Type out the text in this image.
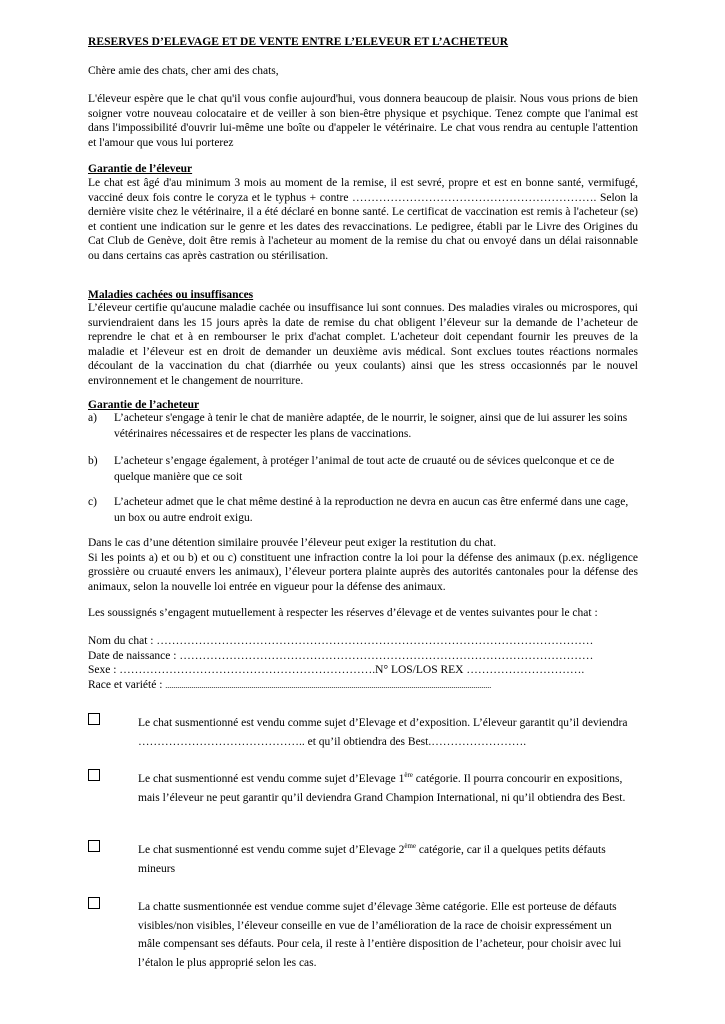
RESERVES D’ELEVAGE ET DE VENTE ENTRE L’ELEVEUR ET L’ACHETEUR
Chère amie des chats, cher ami des chats,
L'éleveur espère que le chat qu'il vous confie aujourd'hui, vous donnera beaucoup de plaisir. Nous vous prions de bien soigner votre nouveau colocataire et de veiller à son bien-être physique et psychique. Tenez compte que l'animal est dans l'impossibilité d'ouvrir lui-même une boîte ou d'appeler le vétérinaire. Le chat vous rendra au centuple l'attention et l'amour que vous lui porterez
Garantie de l’éleveur
Le chat est âgé d'au minimum 3 mois au moment de la remise, il est sevré, propre et est en bonne santé, vermifugé, vacciné deux fois contre le coryza et le typhus + contre ………………………………………………………. Selon la dernière visite chez le vétérinaire, il a été déclaré en bonne santé. Le certificat de vaccination est remis à l'acheteur (se) et contient une indication sur le genre et les dates des revaccinations. Le pedigree, établi par le Livre des Origines du Cat Club de Genève, doit être remis à l'acheteur au moment de la remise du chat ou envoyé dans un délai raisonnable ou dans certains cas après castration ou stérilisation.
Maladies cachées ou insuffisances
L’éleveur certifie qu'aucune maladie cachée ou insuffisance lui sont connues. Des maladies virales ou microspores, qui surviendraient dans les 15 jours après la date de remise du chat obligent l’éleveur sur la demande de l’acheteur de reprendre le chat et à en rembourser le prix d'achat complet. L'acheteur doit cependant fournir les preuves de la maladie et l’éleveur est en droit de demander un deuxième avis médical. Sont exclues toutes réactions normales découlant de la vaccination du chat (diarrhée ou yeux coulants) ainsi que les stress occasionnés par le nouvel environnement et le changement de nourriture.
Garantie de l’acheteur
a) L’acheteur s'engage à tenir le chat de manière adaptée, de le nourrir, le soigner, ainsi que de lui assurer les soins vétérinaires nécessaires et de respecter les plans de vaccinations.
b) L’acheteur s’engage également, à protéger l’animal de tout acte de cruauté ou de sévices quelconque et ce de quelque manière que ce soit
c) L’acheteur admet que le chat même destiné à la reproduction ne devra en aucun cas être enfermé dans une cage, un box ou autre endroit exigu.
Dans le cas d’une détention similaire prouvée l’éleveur peut exiger la restitution du chat.
Si les points a) et ou b) et ou c) constituent une infraction contre la loi pour la défense des animaux (p.ex. négligence grossière ou cruauté envers les animaux), l’éleveur portera plainte auprès des autorités cantonales pour la défense des animaux, selon la nouvelle loi entrée en vigueur pour la défense des animaux.
Les soussignés s’engagent mutuellement à respecter les réserves d’élevage et de ventes suivantes pour le chat :
Nom du chat : ……………………………………………………………………………………………………
Date de naissance : ………………………………………………………………………………………………
Sexe : ………………………………………………………….N° LOS/LOS REX ………………………….
Race et variété : ...................................................................................................................................................................
Le chat susmentionné est vendu comme sujet d’Elevage et d’exposition. L’éleveur garantit qu’il deviendra …………………………………….. et qu’il obtiendra des Best.…………………….
Le chat susmentionné est vendu comme sujet d’Elevage 1ère catégorie. Il pourra concourir en expositions, mais l’éleveur ne peut garantir qu’il deviendra Grand Champion International, ni qu’il obtiendra des Best.
Le chat susmentionné est vendu comme sujet d’Elevage 2ème catégorie, car il a quelques petits défauts mineurs
La chatte susmentionnée est vendue comme sujet d’élevage 3ème catégorie. Elle est porteuse de défauts visibles/non visibles, l’éleveur conseille en vue de l’amélioration de la race de choisir expressément un mâle compensant ses défauts. Pour cela, il reste à l’entière disposition de l’acheteur, pour choisir avec lui l’étalon le plus approprié selon les cas.
